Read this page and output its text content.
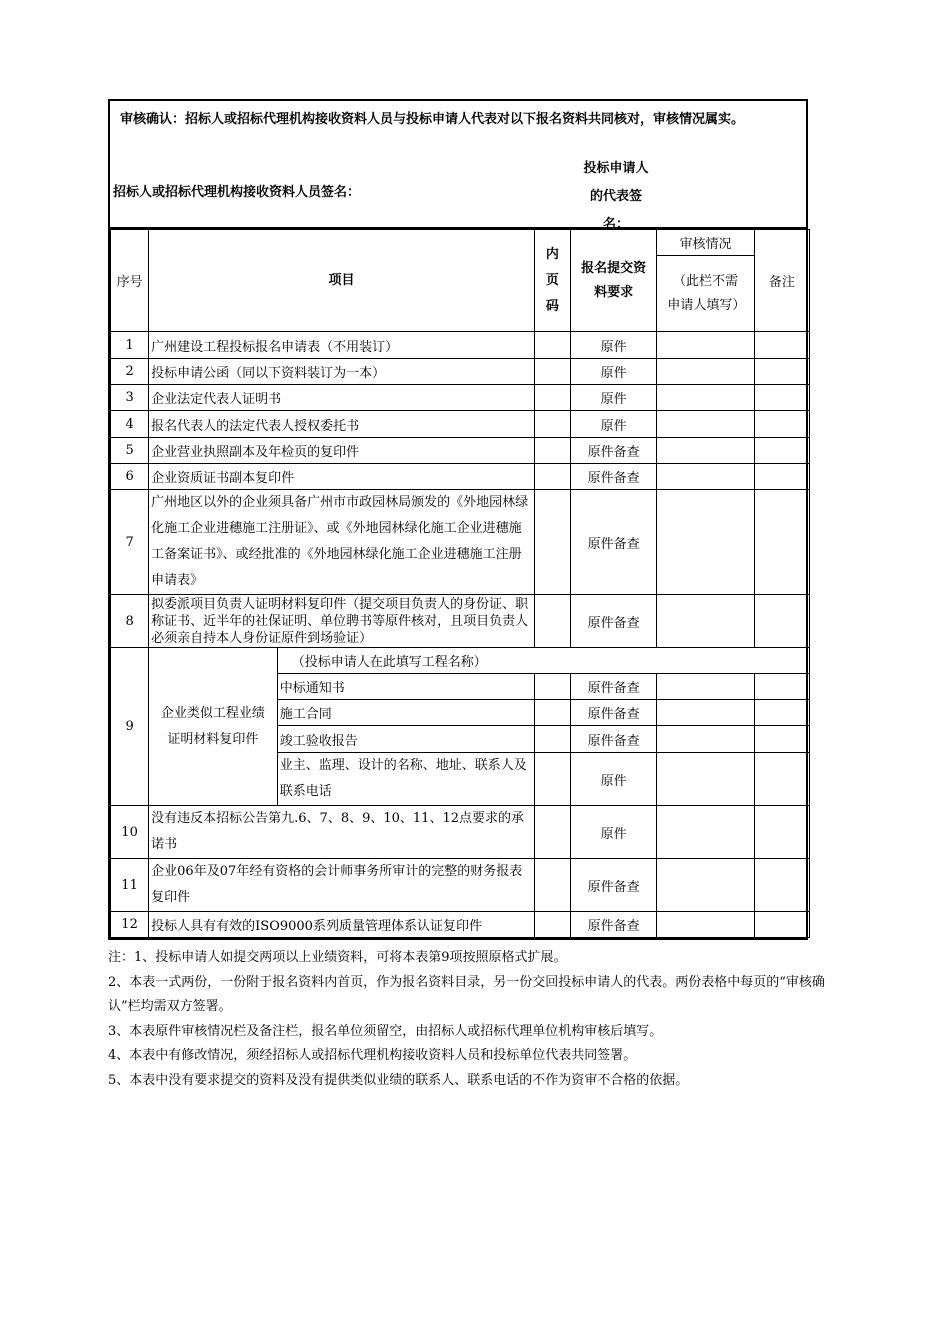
审核确认：招标人或招标代理机构接收资料人员与投标申请人代表对以下报名资料共同核对，审核情况属实。
招标人或招标代理机构接收资料人员签名：
投标申请人的代表签名：
序号	项目		内页码	报名提交资料要求	审核情况	备注
					（此栏不需申请人填写）	
1	广州建设工程投标报名申请表（不用装订）			原件		
2	投标申请公函（同以下资料装订为一本）			原件		
3	企业法定代表人证明书			原件		
4	报名代表人的法定代表人授权委托书			原件		
5	企业营业执照副本及年检页的复印件			原件备查		
6	企业资质证书副本复印件			原件备查		
7	广州地区以外的企业须具备广州市市政园林局颁发的《外地园林绿化施工企业进穗施工注册证》、或《外地园林绿化施工企业进穗施工备案证书》、或经批准的《外地园林绿化施工企业进穗施工注册申请表》			原件备查		
8	拟委派项目负责人证明材料复印件（提交项目负责人的身份证、职称证书、近半年的社保证明、单位聘书等原件核对，且项目负责人必须亲自持本人身份证原件到场验证）			原件备查		
9	企业类似工程业绩证明材料复印件	（投标申请人在此填写工程名称）				
		中标通知书		原件备查		
		施工合同		原件备查		
		竣工验收报告		原件备查		
		业主、监理、设计的名称、地址、联系人及联系电话		原件		
10	没有违反本招标公告第九.6、7、8、9、10、11、12点要求的承诺书			原件		
11	企业06年及07年经有资格的会计师事务所审计的完整的财务报表复印件			原件备查		
12	投标人具有有效的ISO9000系列质量管理体系认证复印件			原件备查		
注：1、投标申请人如提交两项以上业绩资料，可将本表第9项按照原格式扩展。
2、本表一式两份，一份附于报名资料内首页，作为报名资料目录，另一份交回投标申请人的代表。两份表格中每页的“审核确认”栏均需双方签署。
3、本表原件审核情况栏及备注栏，报名单位须留空，由招标人或招标代理单位机构审核后填写。
4、本表中有修改情况，须经招标人或招标代理机构接收资料人员和投标单位代表共同签署。
5、本表中没有要求提交的资料及没有提供类似业绩的联系人、联系电话的不作为资审不合格的依据。
